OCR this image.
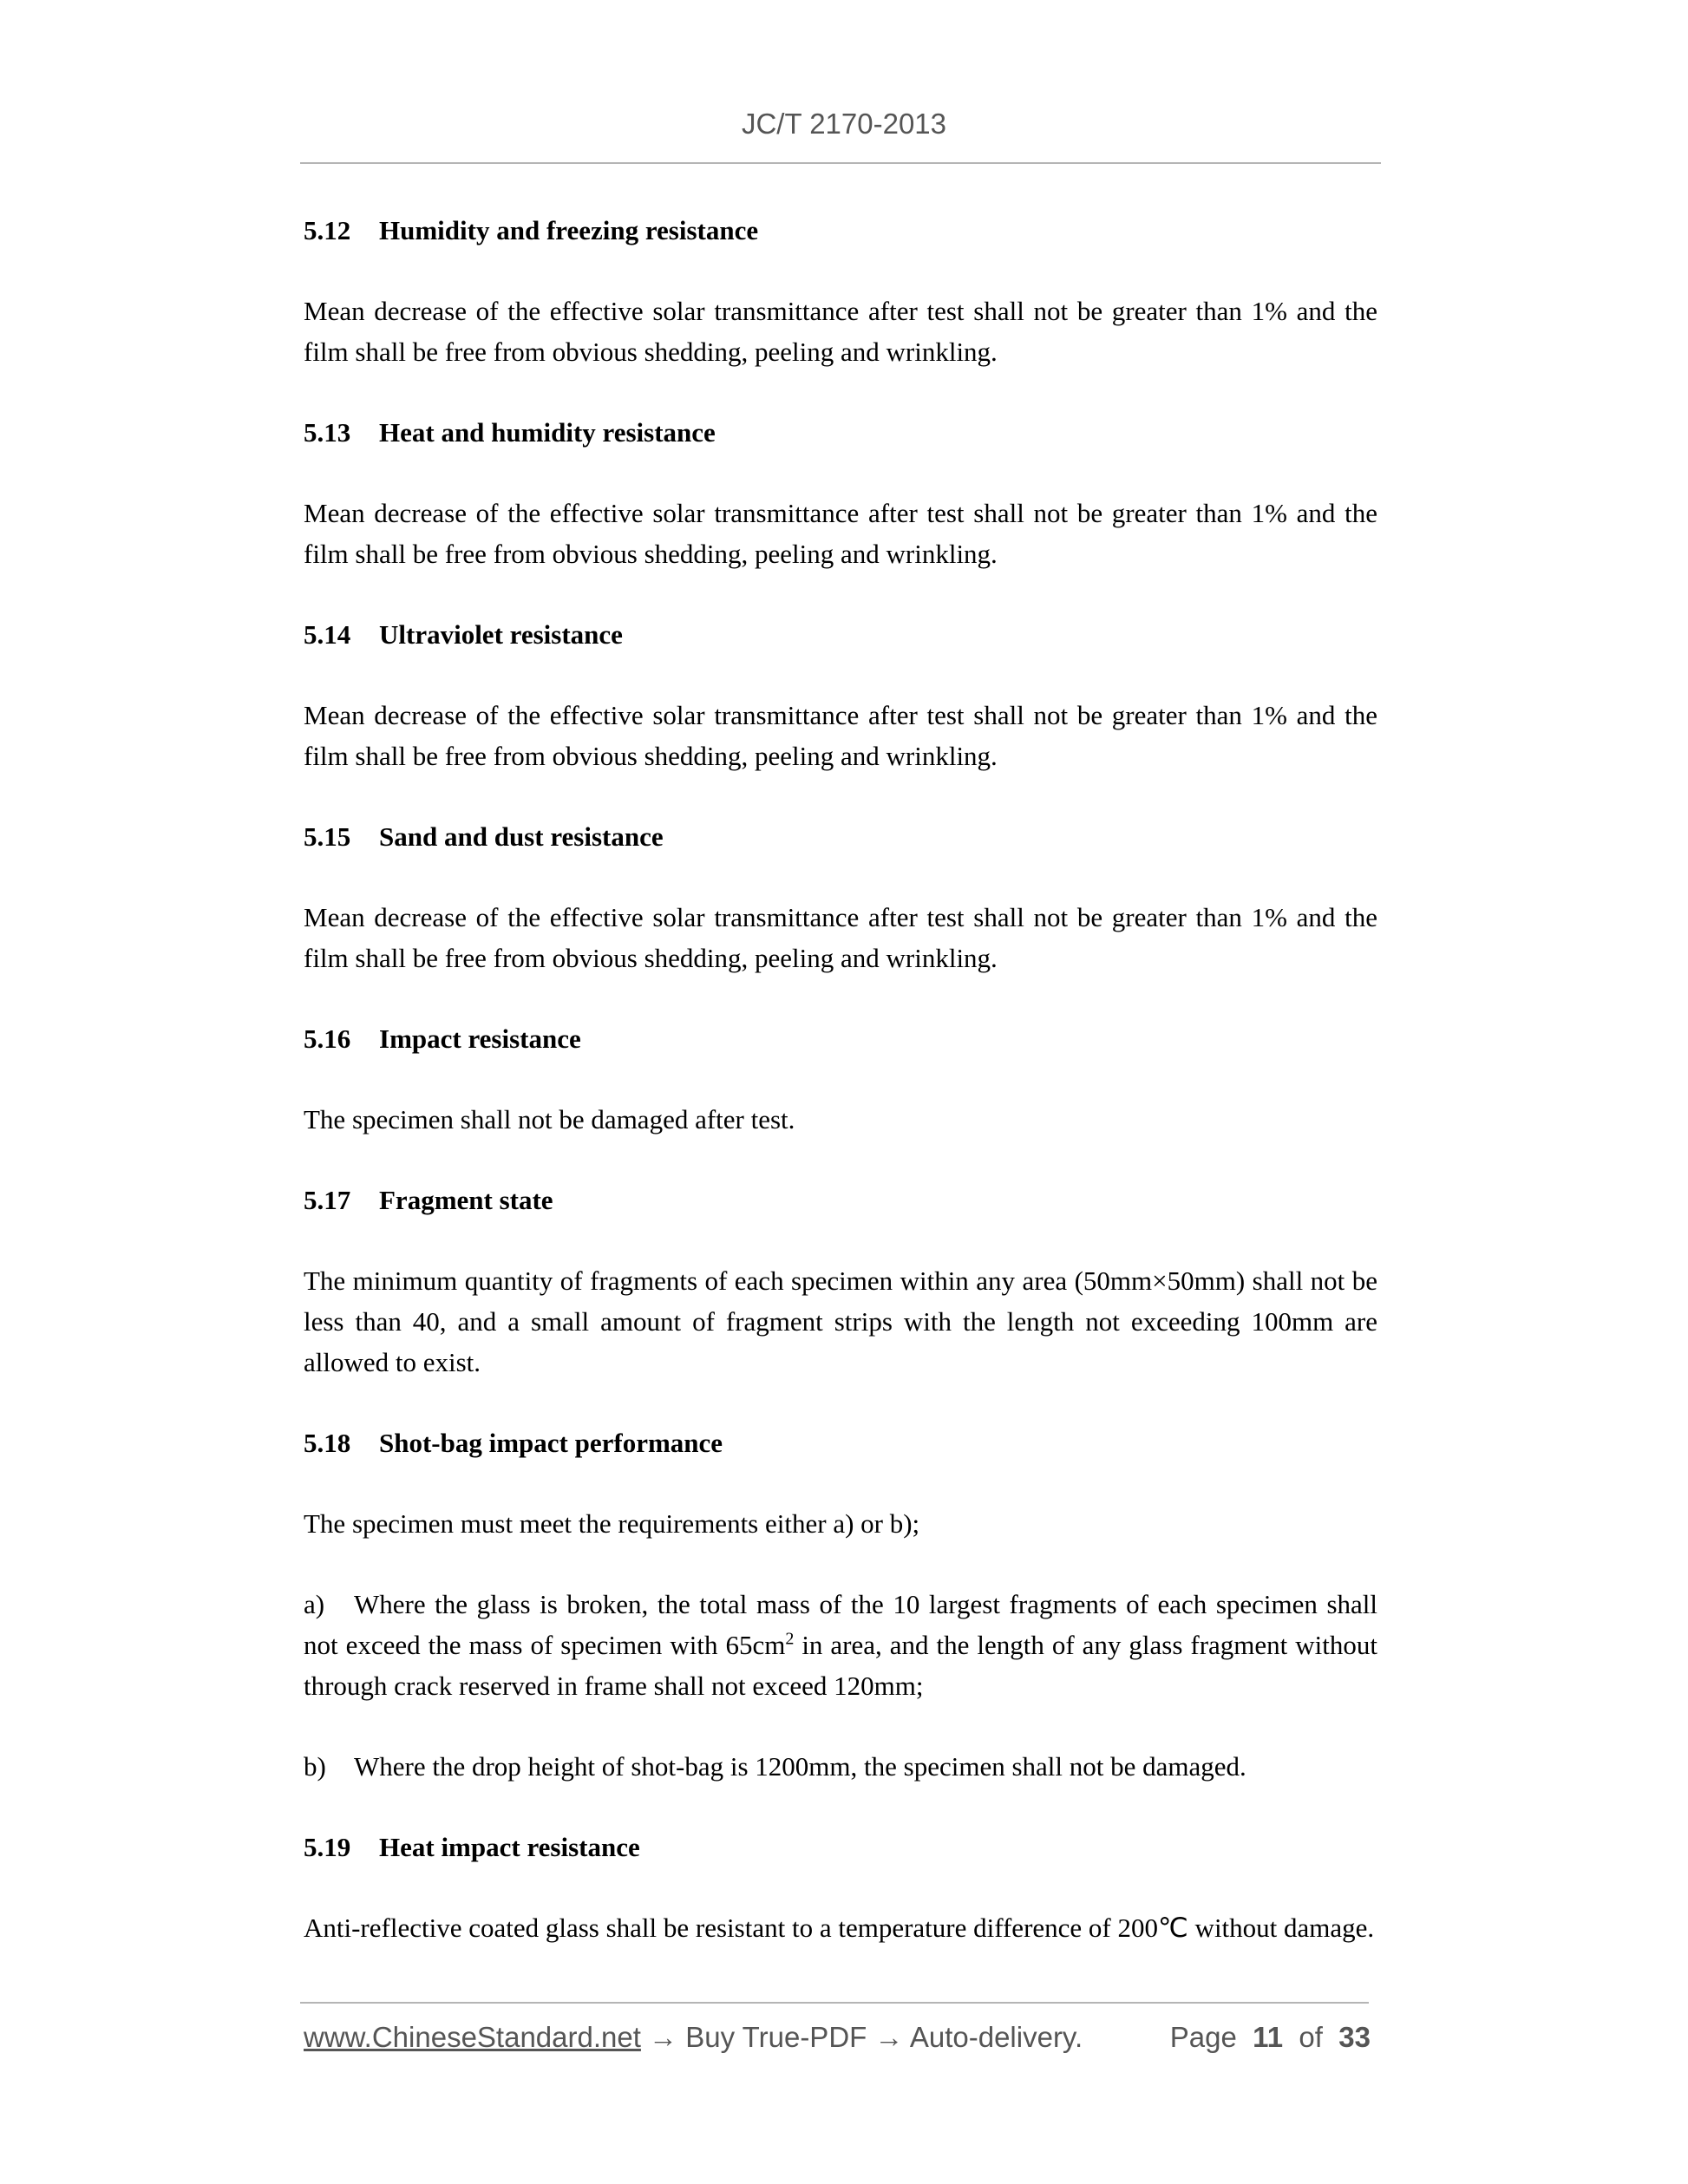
JC/T 2170-2013
5.12 Humidity and freezing resistance

Mean decrease of the effective solar transmittance after test shall not be greater than 1% and the film shall be free from obvious shedding, peeling and wrinkling.

5.13 Heat and humidity resistance

Mean decrease of the effective solar transmittance after test shall not be greater than 1% and the film shall be free from obvious shedding, peeling and wrinkling.

5.14 Ultraviolet resistance

Mean decrease of the effective solar transmittance after test shall not be greater than 1% and the film shall be free from obvious shedding, peeling and wrinkling.

5.15 Sand and dust resistance

Mean decrease of the effective solar transmittance after test shall not be greater than 1% and the film shall be free from obvious shedding, peeling and wrinkling.

5.16 Impact resistance

The specimen shall not be damaged after test.

5.17 Fragment state

The minimum quantity of fragments of each specimen within any area (50mm×50mm) shall not be less than 40, and a small amount of fragment strips with the length not exceeding 100mm are allowed to exist.

5.18 Shot-bag impact performance

The specimen must meet the requirements either a) or b);

a) Where the glass is broken, the total mass of the 10 largest fragments of each specimen shall not exceed the mass of specimen with $65cm^2$ in area, and the length of any glass fragment without through crack reserved in frame shall not exceed 120mm;

b) Where the drop height of shot-bag is 1200mm, the specimen shall not be damaged.

5.19 Heat impact resistance

Anti-reflective coated glass shall be resistant to a temperature difference of 200℃ without damage.

www.ChineseStandard.net → Buy True-PDF → Auto-delivery.	Page 11 of 33
